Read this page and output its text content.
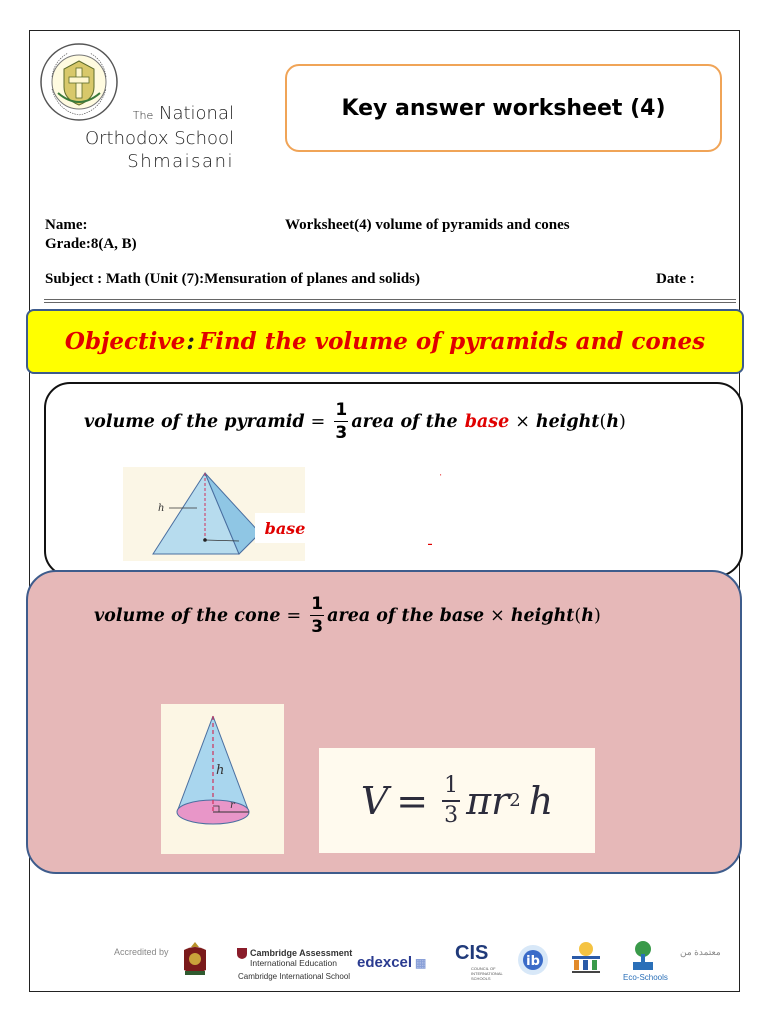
The National
Orthodox School
Shmaisani
Key answer worksheet (4)
Name:	Worksheet(4) volume of pyramids and cones
Grade:8(A, B)
Subject : Math (Unit (7):Mensuration of planes and solids)	Date :
Objective : Find the volume of pyramids and cones
volume of the pyramid = $\frac{1}{3}$ area of the base × height ( h )
h
base
▪
▬
volume of the cone = $\frac{1}{3}$ area of the base × height ( h )
h
r	V = 1
3 πr 2 h
Accredited by	Cambridge Assessment
International Education
Cambridge International School
edexcel ▦ CIS
COUNCIL OF INTERNATIONAL SCHOOLS
ib
Eco-Schools
معتمدة من
